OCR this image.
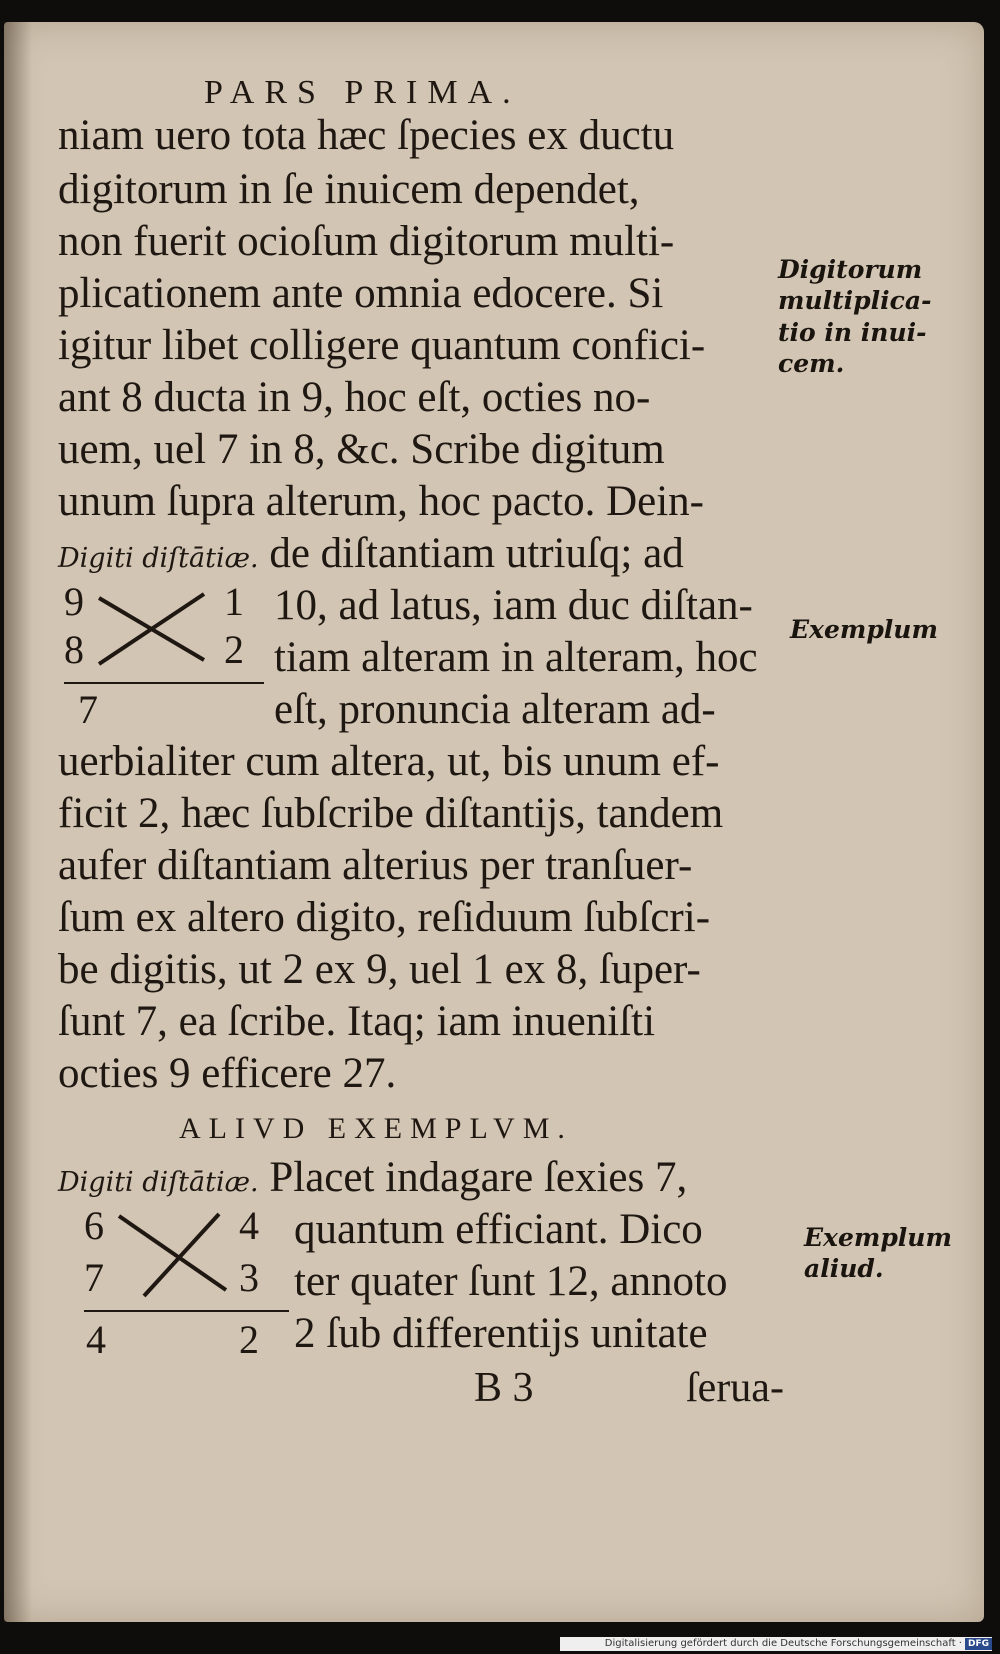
PARS PRIMA.
niam uero tota hæc ſpecies ex ductu
digitorum in ſe inuicem dependet,
non fuerit ocioſum digitorum multi-
plicationem ante omnia edocere. Si
igitur libet colligere quantum confici-
ant 8 ducta in 9, hoc eſt, octies no-
uem, uel 7 in 8, &c. Scribe digitum
unum ſupra alterum, hoc pacto. Dein-
Digiti diſtātiæ. de diſtantiam utriuſq; ad
9
8
1
2
7
10, ad latus, iam duc diſtan-
tiam alteram in alteram, hoc
eſt, pronuncia alteram ad-
uerbialiter cum altera, ut, bis unum ef-
ficit 2, hæc ſubſcribe diſtantijs, tandem
aufer diſtantiam alterius per tranſuer-
ſum ex altero digito, reſiduum ſubſcri-
be digitis, ut 2 ex 9, uel 1 ex 8, ſuper-
ſunt 7, ea ſcribe. Itaq; iam inueniſti
octies 9 efficere 27.
ALIVD EXEMPLVM.
Digiti diſtātiæ. Placet indagare ſexies 7,
6
7
4
3
4	2
quantum efficiant. Dico
ter quater ſunt 12, annoto
2 ſub differentijs unitate
B 3	ſerua-
Digitorum
multiplica-
tio in inui-
cem.
Exemplum
Exemplum
aliud.
Digitalisierung gefördert durch die Deutsche Forschungsgemeinschaft · DFG
